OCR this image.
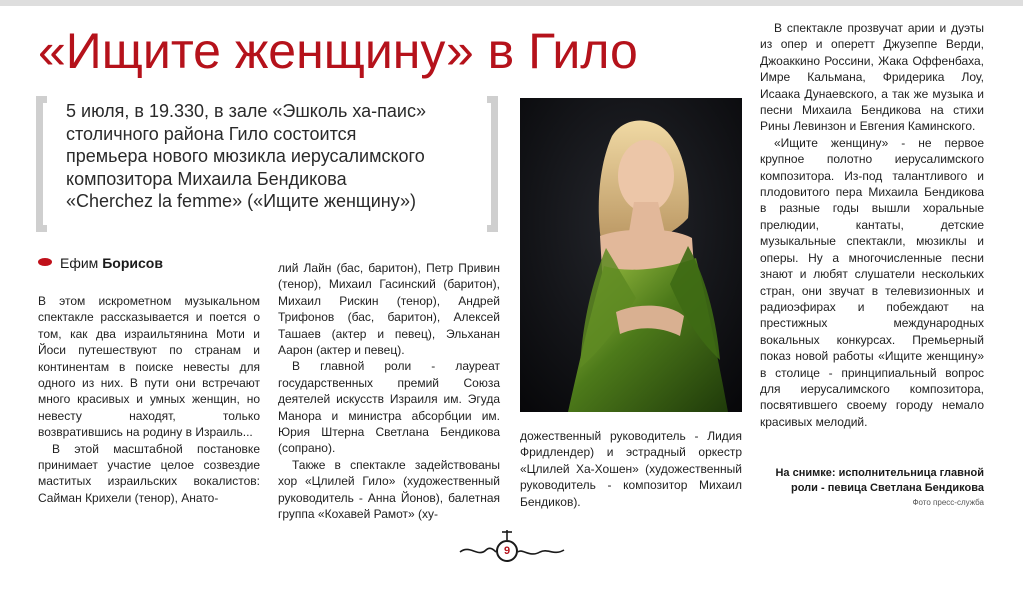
«Ищите женщину» в Гило
5 июля, в 19.330, в зале «Эшколь ха-паис»
столичного района Гило состоится
премьера нового мюзикла иерусалимского
композитора Михаила Бендикова
«Cherchez la femme» («Ищите женщину»)
Ефим Борисов

В этом искрометном музыкальном спектакле рассказывается и поется о том, как два израильтянина Моти и Йоси путешествуют по странам и континентам в поиске невесты для одного из них. В пути они встречают много красивых и умных женщин, но невесту находят, только возвратившись на родину в Израиль...

В этой масштабной постановке принимает участие целое созвездие маститых израильских вокалистов: Сайман Крихели (тенор), Анато-

лий Лайн (бас, баритон), Петр Привин (тенор), Михаил Гасинский (баритон), Михаил Рискин (тенор), Андрей Трифонов (бас, баритон), Алексей Ташаев (актер и певец), Эльханан Аарон (актер и певец).

В главной роли - лауреат государственных премий Союза деятелей искусств Израиля им. Эгуда Манора и министра абсорбции им. Юрия Штерна Светлана Бендикова (сопрано).

Также в спектакле задействованы хор «Цлилей Гило» (художественный руководитель - Анна Йонов), балетная группа «Кохавей Рамот» (ху-

дожественный руководитель - Лидия Фридлендер) и эстрадный оркестр «Цлилей Ха-Хошен» (художественный руководитель - композитор Михаил Бендиков).

В спектакле прозвучат арии и дуэты из опер и оперетт Джузеппе Верди, Джоаккино Россини, Жака Оффенбаха, Имре Кальмана, Фридерика Лоу, Исаака Дунаевского, а так же музыка и песни Михаила Бендикова на стихи Рины Левинзон и Евгения Каминского.

«Ищите женщину» - не первое крупное полотно иерусалимского композитора. Из-под талантливого и плодовитого пера Михаила Бендикова в разные годы вышли хоральные прелюдии, кантаты, детские музыкальные спектакли, мюзиклы и оперы. Ну а многочисленные песни знают и любят слушатели нескольких стран, они звучат в телевизионных и радиоэфирах и побеждают на престижных международных вокальных конкурсах. Премьерный показ новой работы «Ищите женщину» в столице - принципиальный вопрос для иерусалимского композитора, посвятившего своему городу немало красивых мелодий.

На снимке: исполнительница главной
роли - певица Светлана Бендикова
Фото пресс-служба
9
